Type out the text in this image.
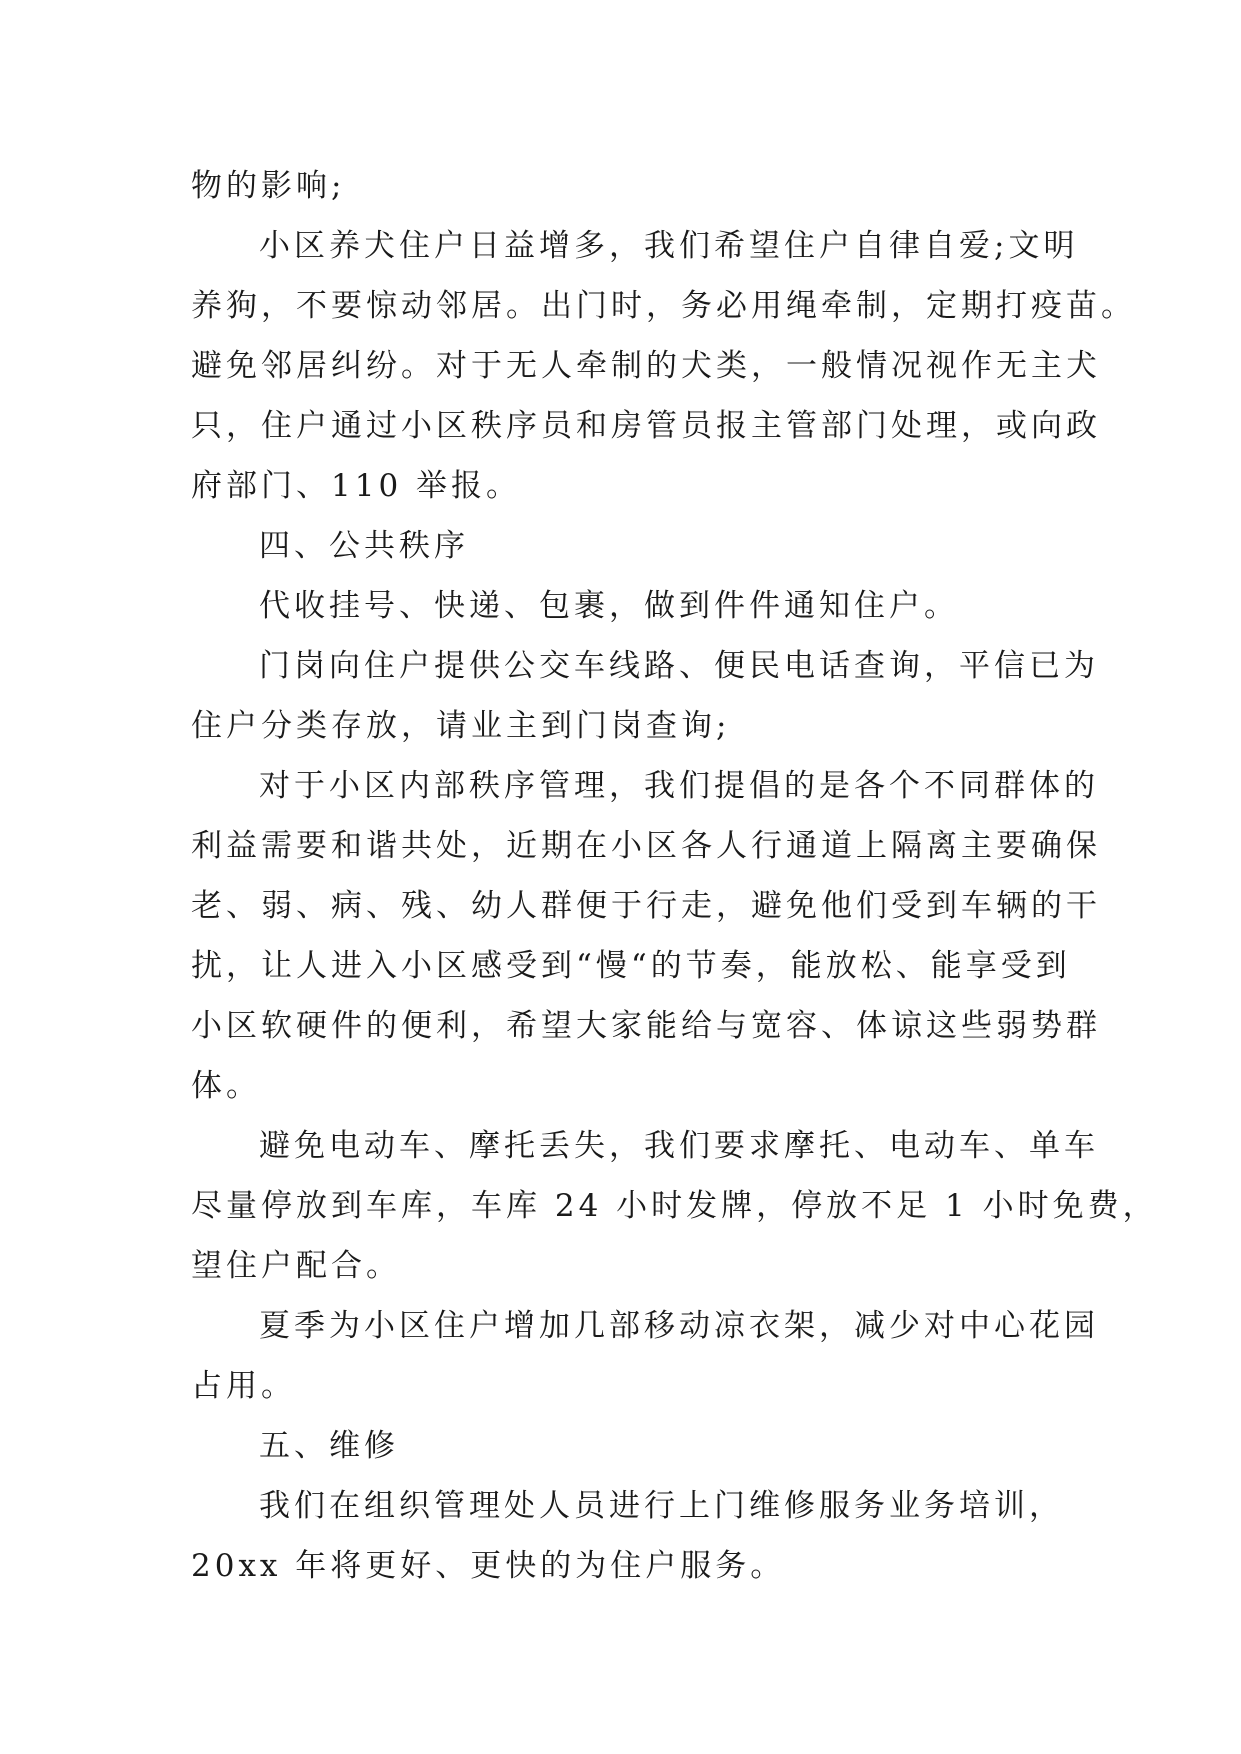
物的影响;
小区养犬住户日益增多，我们希望住户自律自爱;文明
养狗，不要惊动邻居。出门时，务必用绳牵制，定期打疫苗。
避免邻居纠纷。对于无人牵制的犬类，一般情况视作无主犬
只，住户通过小区秩序员和房管员报主管部门处理，或向政
府部门、110 举报。
四、公共秩序
代收挂号、快递、包裹，做到件件通知住户。
门岗向住户提供公交车线路、便民电话查询，平信已为
住户分类存放，请业主到门岗查询;
对于小区内部秩序管理，我们提倡的是各个不同群体的
利益需要和谐共处，近期在小区各人行通道上隔离主要确保
老、弱、病、残、幼人群便于行走，避免他们受到车辆的干
扰，让人进入小区感受到“慢“的节奏，能放松、能享受到
小区软硬件的便利，希望大家能给与宽容、体谅这些弱势群
体。
避免电动车、摩托丢失，我们要求摩托、电动车、单车
尽量停放到车库，车库 24 小时发牌，停放不足 1 小时免费，
望住户配合。
夏季为小区住户增加几部移动凉衣架，减少对中心花园
占用。
五、维修
我们在组织管理处人员进行上门维修服务业务培训，
20xx 年将更好、更快的为住户服务。
